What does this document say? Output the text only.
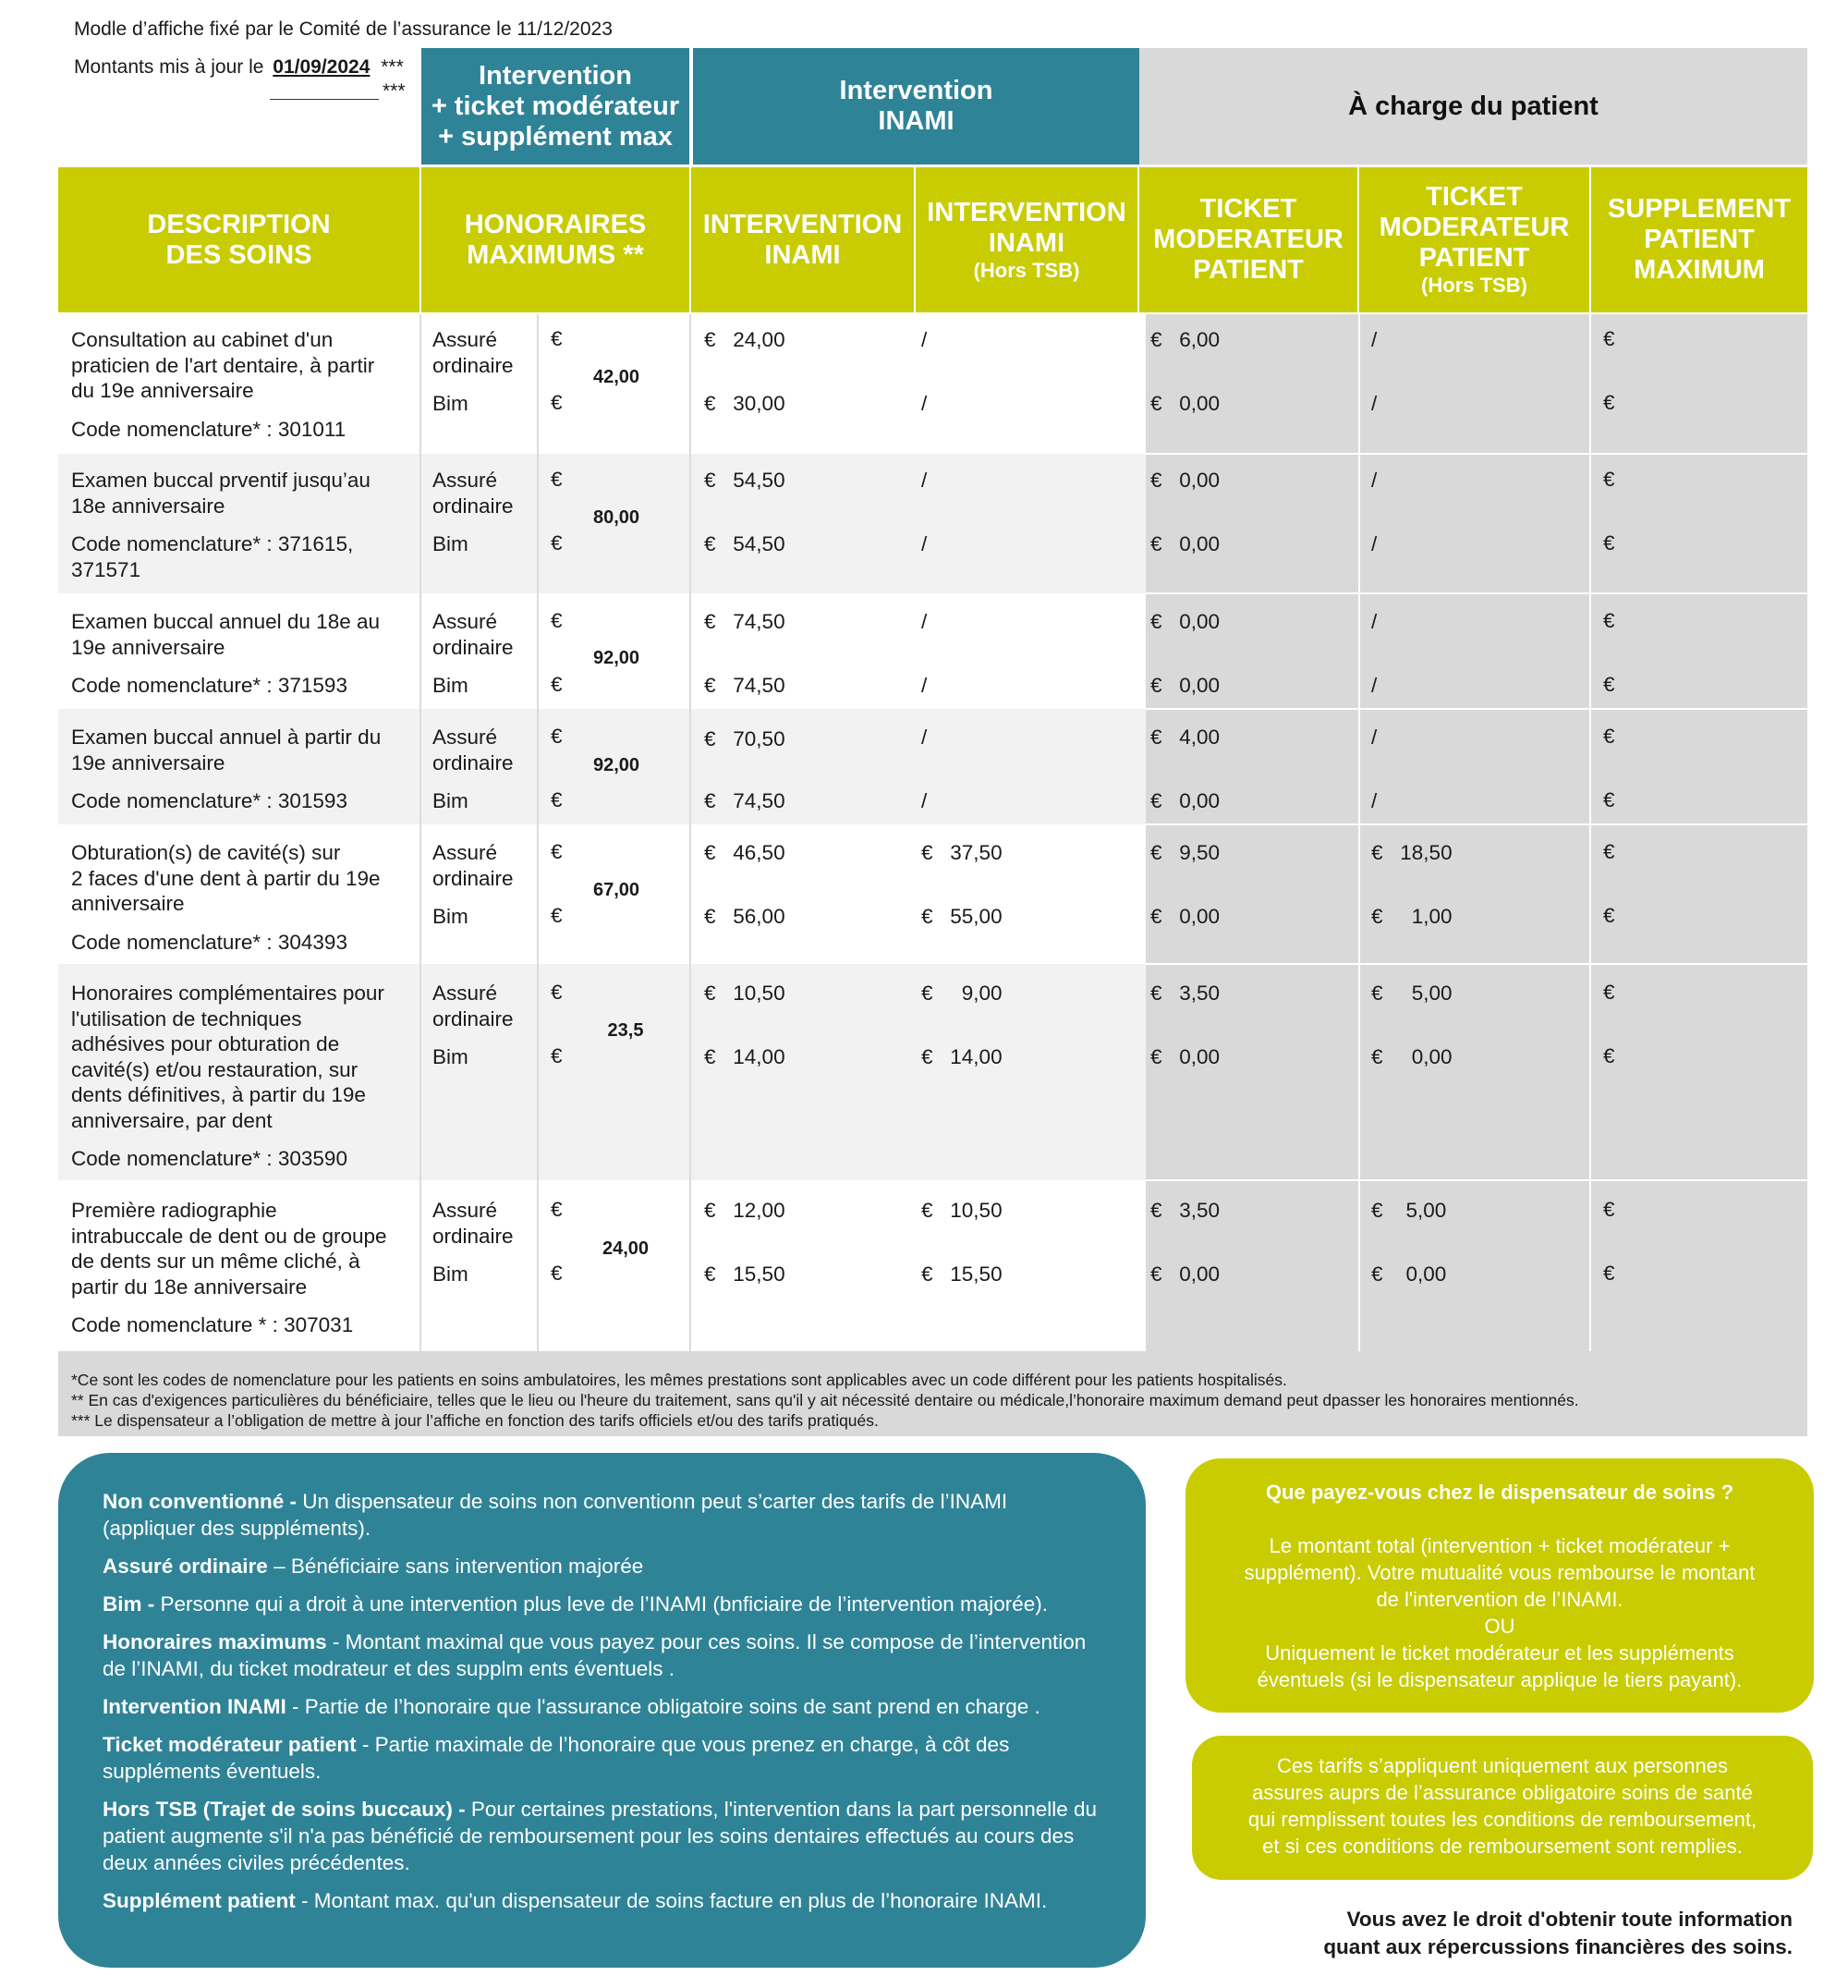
Modle d’affiche fixé par le Comité de l’assurance le 11/12/2023
Montants mis à jour le 01/09/2024 ***
***
Intervention
+ ticket modérateur
+ supplément max
Intervention
INAMI
À charge du patient
DESCRIPTION
DES SOINS
HONORAIRES
MAXIMUMS **
INTERVENTION
INAMI
INTERVENTION
INAMI
(Hors TSB)
TICKET
MODERATEUR
PATIENT
TICKET
MODERATEUR
PATIENT
(Hors TSB)
SUPPLEMENT
PATIENT
MAXIMUM
Consultation au cabinet d'un
praticien de l'art dentaire, à partir
du 19e anniversaire
Code nomenclature* : 301011
Assuré
ordinaire
Bim
€
€
42,00
€ 24,00
€ 30,00
/
/
€ 6,00
€ 0,00
/
/
€
€
Examen buccal prventif jusqu’au
18e anniversaire
Code nomenclature* : 371615, 371571
Assuré
ordinaire
Bim
€
€
80,00
€ 54,50
€ 54,50
/
/
€ 0,00
€ 0,00
/
/
€
€
Examen buccal annuel du 18e au
19e anniversaire
Code nomenclature* : 371593
Assuré
ordinaire
Bim
€
€
92,00
€ 74,50
€ 74,50
/
/
€ 0,00
€ 0,00
/
/
€
€
Examen buccal annuel à partir du
19e anniversaire
Code nomenclature* : 301593
Assuré
ordinaire
Bim
€
€
92,00
€ 70,50
€ 74,50
/
/
€ 4,00
€ 0,00
/
/
€
€
Obturation(s) de cavité(s) sur
2 faces d'une dent à partir du 19e
anniversaire
Code nomenclature* : 304393
Assuré
ordinaire
Bim
€
€
67,00
€ 46,50
€ 56,00
€ 37,50
€ 55,00
€ 9,50
€ 0,00
€ 18,50
€ 1,00
€
€
Honoraires complémentaires pour
l'utilisation de techniques
adhésives pour obturation de
cavité(s) et/ou restauration, sur
dents définitives, à partir du 19e
anniversaire, par dent
Code nomenclature* : 303590
Assuré
ordinaire
Bim
€
€
23,5
€ 10,50
€ 14,00
€ 9,00
€ 14,00
€ 3,50
€ 0,00
€ 5,00
€ 0,00
€
€
Première radiographie
intrabuccale de dent ou de groupe
de dents sur un même cliché, à
partir du 18e anniversaire
Code nomenclature * : 307031
Assuré
ordinaire
Bim
€
€
24,00
€ 12,00
€ 15,50
€ 10,50
€ 15,50
€ 3,50
€ 0,00
€ 5,00
€ 0,00
€
€
*Ce sont les codes de nomenclature pour les patients en soins ambulatoires, les mêmes prestations sont applicables avec un code différent pour les patients hospitalisés.
** En cas d'exigences particulières du bénéficiaire, telles que le lieu ou l'heure du traitement, sans qu'il y ait nécessité dentaire ou médicale,l’honoraire maximum demand peut dpasser les honoraires mentionnés.
*** Le dispensateur a l’obligation de mettre à jour l’affiche en fonction des tarifs officiels et/ou des tarifs pratiqués.

Non conventionné - Un dispensateur de soins non conventionn peut s’carter des tarifs de l’INAMI (appliquer des suppléments).

Assuré ordinaire – Bénéficiaire sans intervention majorée

Bim - Personne qui a droit à une intervention plus leve de l’INAMI (bnficiaire de l’intervention majorée).

Honoraires maximums - Montant maximal que vous payez pour ces soins. Il se compose de l’intervention de l’INAMI, du ticket modrateur et des supplm ents éventuels .

Intervention INAMI - Partie de l’honoraire que l'assurance obligatoire soins de sant prend en charge .

Ticket modérateur patient - Partie maximale de l’honoraire que vous prenez en charge, à côt des suppléments éventuels.

Hors TSB (Trajet de soins buccaux) - Pour certaines prestations, l'intervention dans la part personnelle du patient augmente s'il n'a pas bénéficié de remboursement pour les soins dentaires effectués au cours des deux années civiles précédentes.

Supplément patient - Montant max. qu'un dispensateur de soins facture en plus de l’honoraire INAMI.

Que payez-vous chez le dispensateur de soins ?
Le montant total (intervention + ticket modérateur +
supplément). Votre mutualité vous rembourse le montant
de l'intervention de l’INAMI.
OU
Uniquement le ticket modérateur et les suppléments
éventuels (si le dispensateur applique le tiers payant).
Ces tarifs s’appliquent uniquement aux personnes
assures auprs de l’assurance obligatoire soins de santé
qui remplissent toutes les conditions de remboursement,
et si ces conditions de remboursement sont remplies.
Vous avez le droit d'obtenir toute information
quant aux répercussions financières des soins.
